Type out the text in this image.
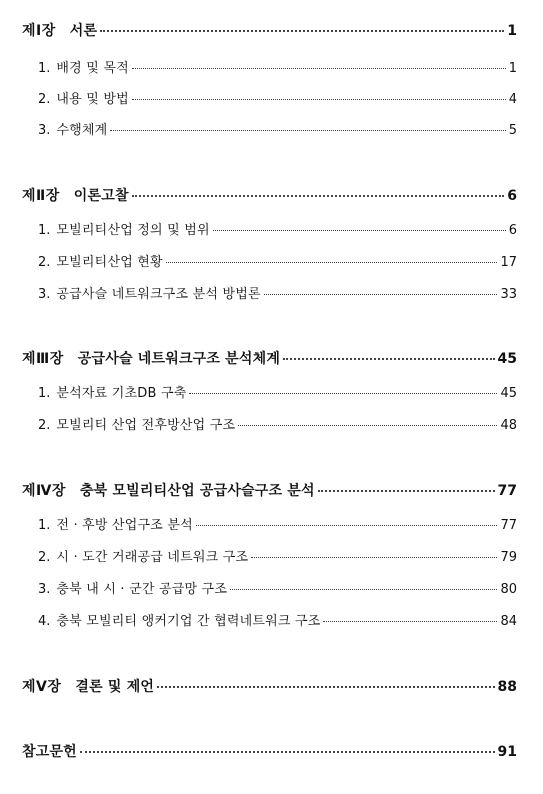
제Ⅰ장 서론	1
1. 배경 및 목적	1
2. 내용 및 방법	4
3. 수행체계	5
제Ⅱ장 이론고찰	6
1. 모빌리티산업 정의 및 범위	6
2. 모빌리티산업 현황	17
3. 공급사슬 네트워크구조 분석 방법론	33
제Ⅲ장 공급사슬 네트워크구조 분석체계	45
1. 분석자료 기초DB 구축	45
2. 모빌리티 산업 전후방산업 구조	48
제Ⅳ장 충북 모빌리티산업 공급사슬구조 분석	77
1. 전 · 후방 산업구조 분석	77
2. 시 · 도간 거래공급 네트워크 구조	79
3. 충북 내 시 · 군간 공급망 구조	80
4. 충북 모빌리티 앵커기업 간 협력네트워크 구조	84
제Ⅴ장 결론 및 제언	88
참고문헌	91
